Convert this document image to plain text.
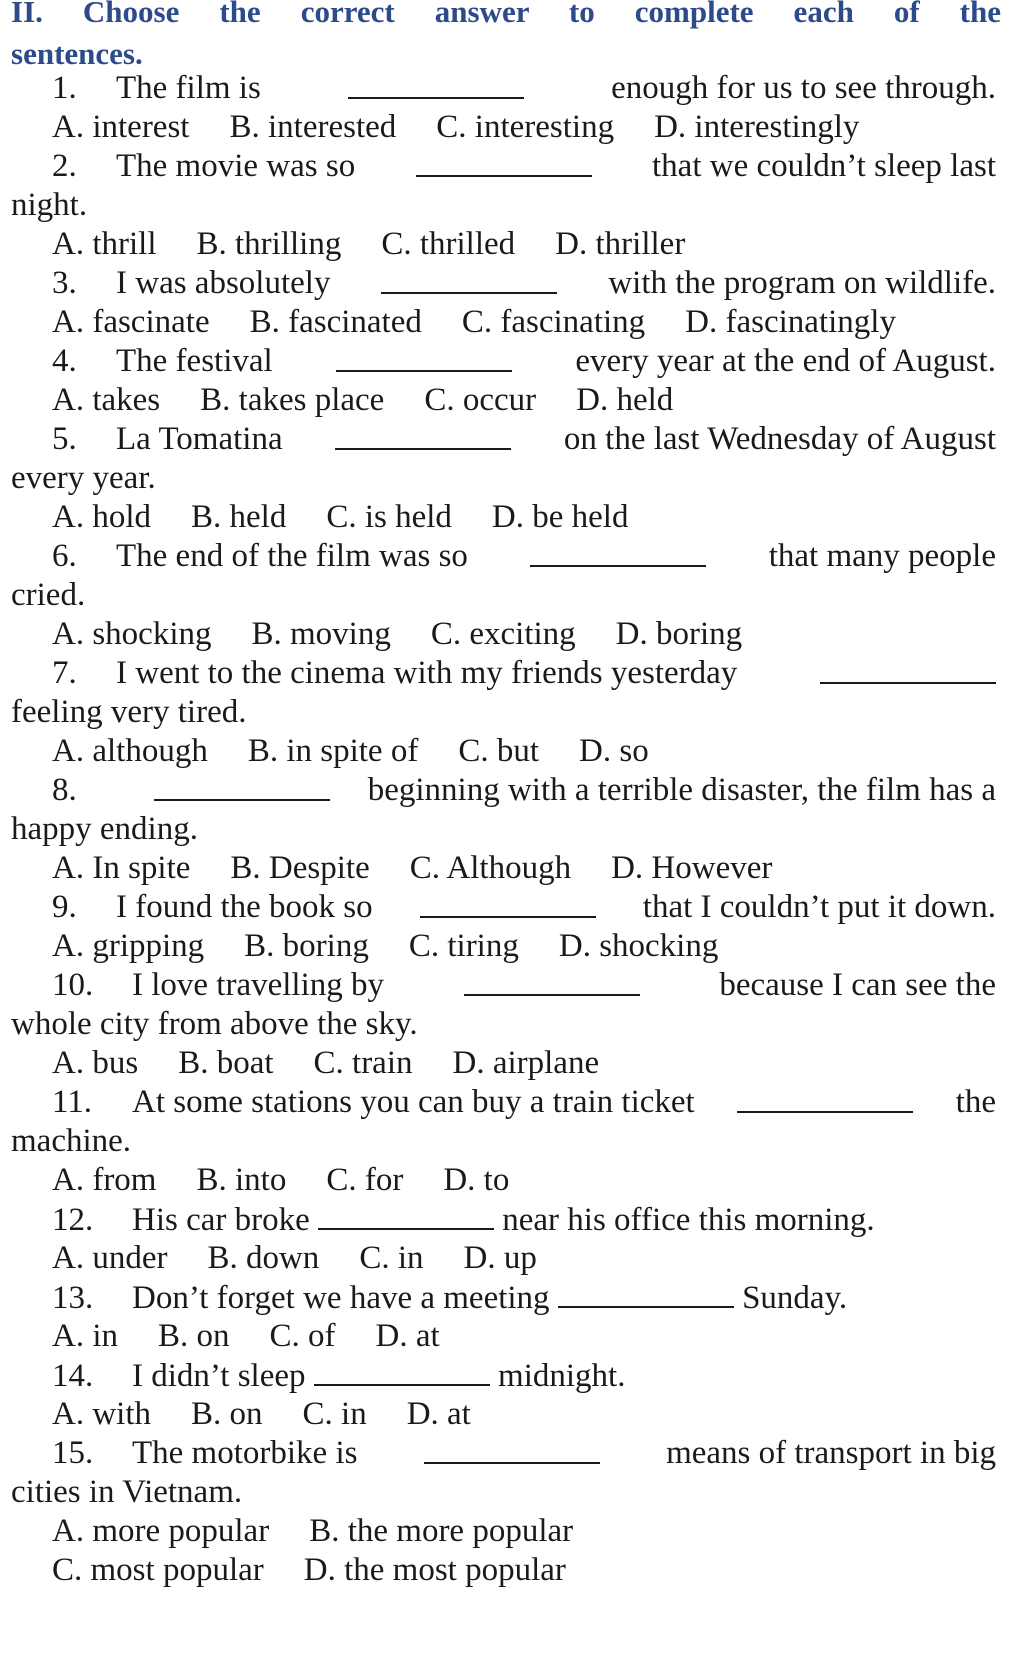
II. Choose the correct answer to complete each of the
sentences.
1. The film is	enough for us to see through.
A. interest B. interested C. interesting D. interestingly
2. The movie was so	that we couldn’t sleep last
night.
A. thrill B. thrilling C. thrilled D. thriller
3. I was absolutely	with the program on wildlife.
A. fascinate B. fascinated C. fascinating D. fascinatingly
4. The festival	every year at the end of August.
A. takes B. takes place C. occur D. held
5. La Tomatina	on the last Wednesday of August
every year.
A. hold B. held C. is held D. be held
6. The end of the film was so	that many people
cried.
A. shocking B. moving C. exciting D. boring
7. I went to the cinema with my friends yesterday
feeling very tired.
A. although B. in spite of C. but D. so
8.	beginning with a terrible disaster, the film has a
happy ending.
A. In spite B. Despite C. Although D. However
9. I found the book so	that I couldn’t put it down.
A. gripping B. boring C. tiring D. shocking
10. I love travelling by	because I can see the
whole city from above the sky.
A. bus B. boat C. train D. airplane
11. At some stations you can buy a train ticket	the
machine.
A. from B. into C. for D. to
12. His car broke	near his office this morning.
A. under B. down C. in D. up
13. Don’t forget we have a meeting	Sunday.
A. in B. on C. of D. at
14. I didn’t sleep	midnight.
A. with B. on C. in D. at
15. The motorbike is	means of transport in big
cities in Vietnam.
A. more popular B. the more popular
C. most popular D. the most popular
